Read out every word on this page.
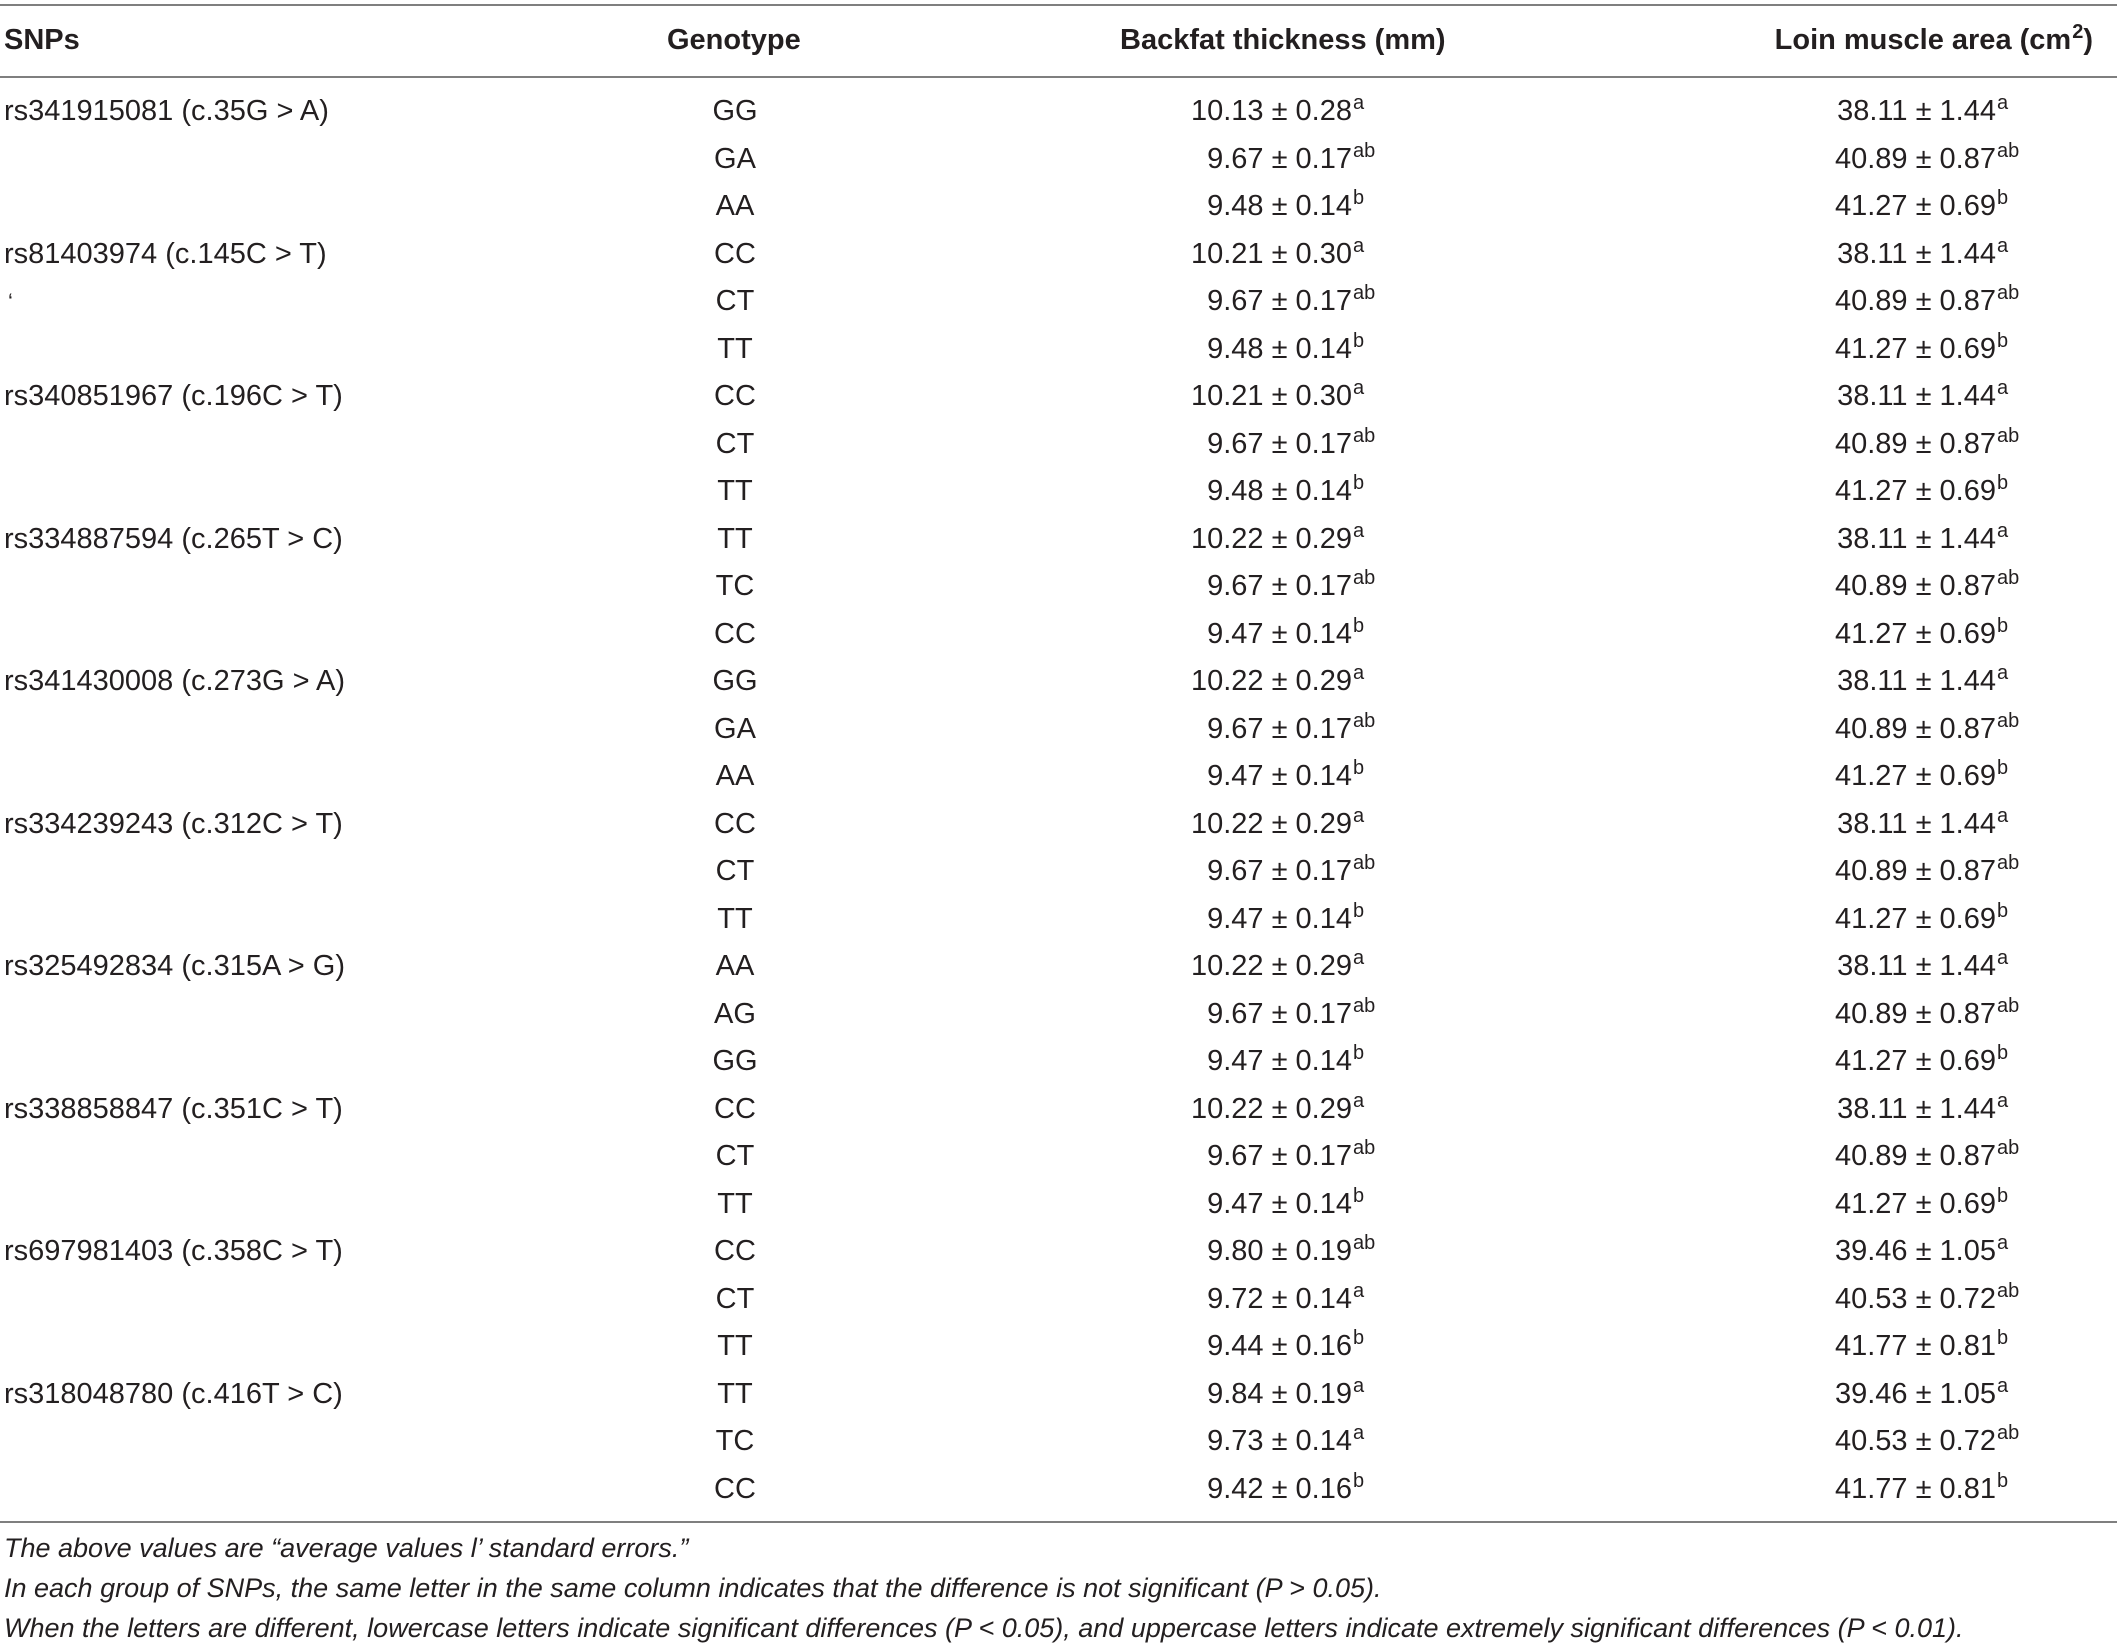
SNPs	Genotype	Backfat thickness (mm)	Loin muscle area $(cm^2)$
rs341915081 (c.35G > A)	GG	10.13 ± 0.28$^a$	38.11 ± 1.44$^a$
GA	9.67 ± 0.17$^{ab}$	40.89 ± 0.87$^{ab}$
AA	9.48 ± 0.14$^b$	41.27 ± 0.69$^b$
rs81403974 (c.145C > T)	CC	10.21 ± 0.30$^a$	38.11 ± 1.44$^a$
CT	9.67 ± 0.17$^{ab}$	40.89 ± 0.87$^{ab}$
TT	9.48 ± 0.14$^b$	41.27 ± 0.69$^b$
rs340851967 (c.196C > T)	CC	10.21 ± 0.30$^a$	38.11 ± 1.44$^a$
CT	9.67 ± 0.17$^{ab}$	40.89 ± 0.87$^{ab}$
TT	9.48 ± 0.14$^b$	41.27 ± 0.69$^b$
rs334887594 (c.265T > C)	TT	10.22 ± 0.29$^a$	38.11 ± 1.44$^a$
TC	9.67 ± 0.17$^{ab}$	40.89 ± 0.87$^{ab}$
CC	9.47 ± 0.14$^b$	41.27 ± 0.69$^b$
rs341430008 (c.273G > A)	GG	10.22 ± 0.29$^a$	38.11 ± 1.44$^a$
GA	9.67 ± 0.17$^{ab}$	40.89 ± 0.87$^{ab}$
AA	9.47 ± 0.14$^b$	41.27 ± 0.69$^b$
rs334239243 (c.312C > T)	CC	10.22 ± 0.29$^a$	38.11 ± 1.44$^a$
CT	9.67 ± 0.17$^{ab}$	40.89 ± 0.87$^{ab}$
TT	9.47 ± 0.14$^b$	41.27 ± 0.69$^b$
rs325492834 (c.315A > G)	AA	10.22 ± 0.29$^a$	38.11 ± 1.44$^a$
AG	9.67 ± 0.17$^{ab}$	40.89 ± 0.87$^{ab}$
GG	9.47 ± 0.14$^b$	41.27 ± 0.69$^b$
rs338858847 (c.351C > T)	CC	10.22 ± 0.29$^a$	38.11 ± 1.44$^a$
CT	9.67 ± 0.17$^{ab}$	40.89 ± 0.87$^{ab}$
TT	9.47 ± 0.14$^b$	41.27 ± 0.69$^b$
rs697981403 (c.358C > T)	CC	9.80 ± 0.19$^{ab}$	39.46 ± 1.05$^a$
CT	9.72 ± 0.14$^a$	40.53 ± 0.72$^{ab}$
TT	9.44 ± 0.16$^b$	41.77 ± 0.81$^b$
rs318048780 (c.416T > C)	TT	9.84 ± 0.19$^a$	39.46 ± 1.05$^a$
TC	9.73 ± 0.14$^a$	40.53 ± 0.72$^{ab}$
CC	9.42 ± 0.16$^b$	41.77 ± 0.81$^b$
‘
The above values are “average values l’ standard errors.”
In each group of SNPs, the same letter in the same column indicates that the difference is not significant (P > 0.05).
When the letters are different, lowercase letters indicate significant differences (P < 0.05), and uppercase letters indicate extremely significant differences (P < 0.01).
